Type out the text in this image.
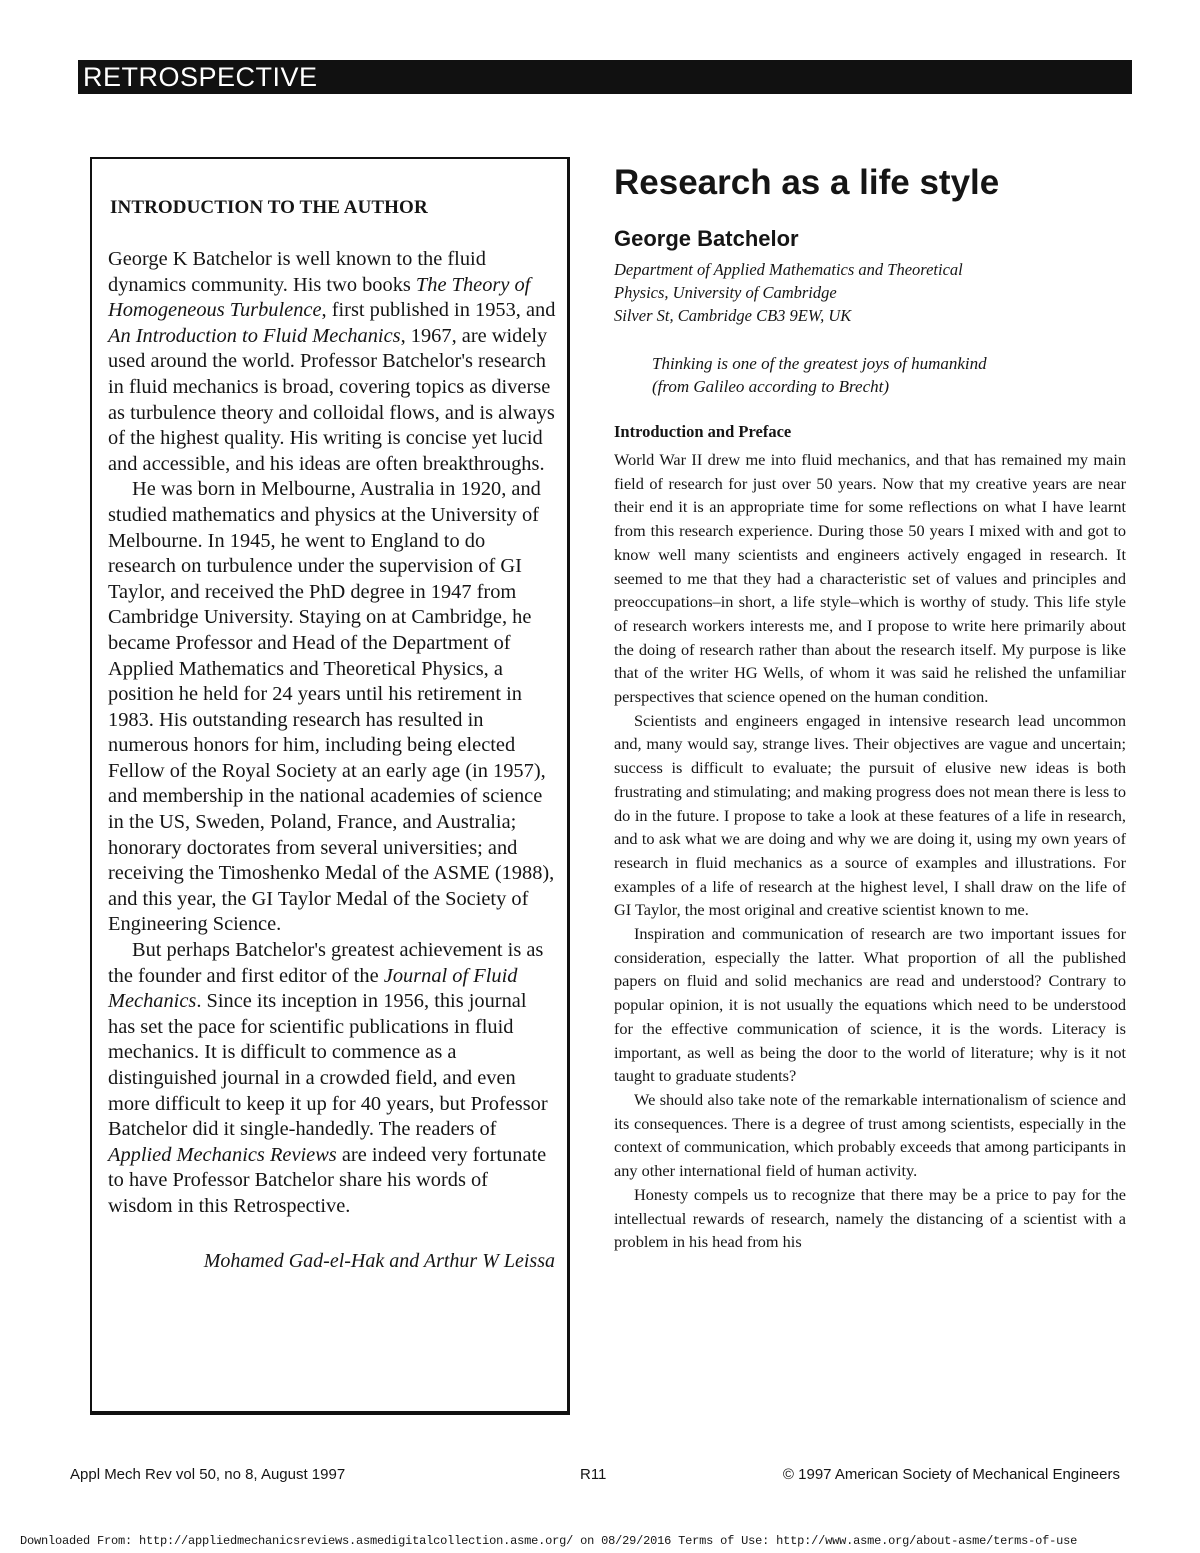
RETROSPECTIVE
INTRODUCTION TO THE AUTHOR

George K Batchelor is well known to the fluid dynamics community. His two books The Theory of Homogeneous Turbulence, first published in 1953, and An Introduction to Fluid Mechanics, 1967, are widely used around the world. Professor Batchelor's research in fluid mechanics is broad, covering topics as diverse as turbulence theory and colloidal flows, and is always of the highest quality. His writing is concise yet lucid and accessible, and his ideas are often breakthroughs.

He was born in Melbourne, Australia in 1920, and studied mathematics and physics at the University of Melbourne. In 1945, he went to England to do research on turbulence under the supervision of GI Taylor, and received the PhD degree in 1947 from Cambridge University. Staying on at Cambridge, he became Professor and Head of the Department of Applied Mathematics and Theoretical Physics, a position he held for 24 years until his retirement in 1983. His outstanding research has resulted in numerous honors for him, including being elected Fellow of the Royal Society at an early age (in 1957), and membership in the national academies of science in the US, Sweden, Poland, France, and Australia; honorary doctorates from several universities; and receiving the Timoshenko Medal of the ASME (1988), and this year, the GI Taylor Medal of the Society of Engineering Science.

But perhaps Batchelor's greatest achievement is as the founder and first editor of the Journal of Fluid Mechanics. Since its inception in 1956, this journal has set the pace for scientific publications in fluid mechanics. It is difficult to commence as a distinguished journal in a crowded field, and even more difficult to keep it up for 40 years, but Professor Batchelor did it single-handedly. The readers of Applied Mechanics Reviews are indeed very fortunate to have Professor Batchelor share his words of wisdom in this Retrospective.

Mohamed Gad-el-Hak and Arthur W Leissa
Research as a life style
George Batchelor
Department of Applied Mathematics and Theoretical
Physics, University of Cambridge
Silver St, Cambridge CB3 9EW, UK
Thinking is one of the greatest joys of humankind
(from Galileo according to Brecht)
Introduction and Preface

World War II drew me into fluid mechanics, and that has remained my main field of research for just over 50 years. Now that my creative years are near their end it is an appropriate time for some reflections on what I have learnt from this research experience. During those 50 years I mixed with and got to know well many scientists and engineers actively engaged in research. It seemed to me that they had a characteristic set of values and principles and preoccupations–in short, a life style–which is worthy of study. This life style of research workers interests me, and I propose to write here primarily about the doing of research rather than about the research itself. My purpose is like that of the writer HG Wells, of whom it was said he relished the unfamiliar perspectives that science opened on the human condition.

Scientists and engineers engaged in intensive research lead uncommon and, many would say, strange lives. Their objectives are vague and uncertain; success is difficult to evaluate; the pursuit of elusive new ideas is both frustrating and stimulating; and making progress does not mean there is less to do in the future. I propose to take a look at these features of a life in research, and to ask what we are doing and why we are doing it, using my own years of research in fluid mechanics as a source of examples and illustrations. For examples of a life of research at the highest level, I shall draw on the life of GI Taylor, the most original and creative scientist known to me.

Inspiration and communication of research are two important issues for consideration, especially the latter. What proportion of all the published papers on fluid and solid mechanics are read and understood? Contrary to popular opinion, it is not usually the equations which need to be understood for the effective communication of science, it is the words. Literacy is important, as well as being the door to the world of literature; why is it not taught to graduate students?

We should also take note of the remarkable internationalism of science and its consequences. There is a degree of trust among scientists, especially in the context of communication, which probably exceeds that among participants in any other international field of human activity.

Honesty compels us to recognize that there may be a price to pay for the intellectual rewards of research, namely the distancing of a scientist with a problem in his head from his

Appl Mech Rev vol 50, no 8, August 1997	R11	© 1997 American Society of Mechanical Engineers
Downloaded From: http://appliedmechanicsreviews.asmedigitalcollection.asme.org/ on 08/29/2016 Terms of Use: http://www.asme.org/about-asme/terms-of-use
